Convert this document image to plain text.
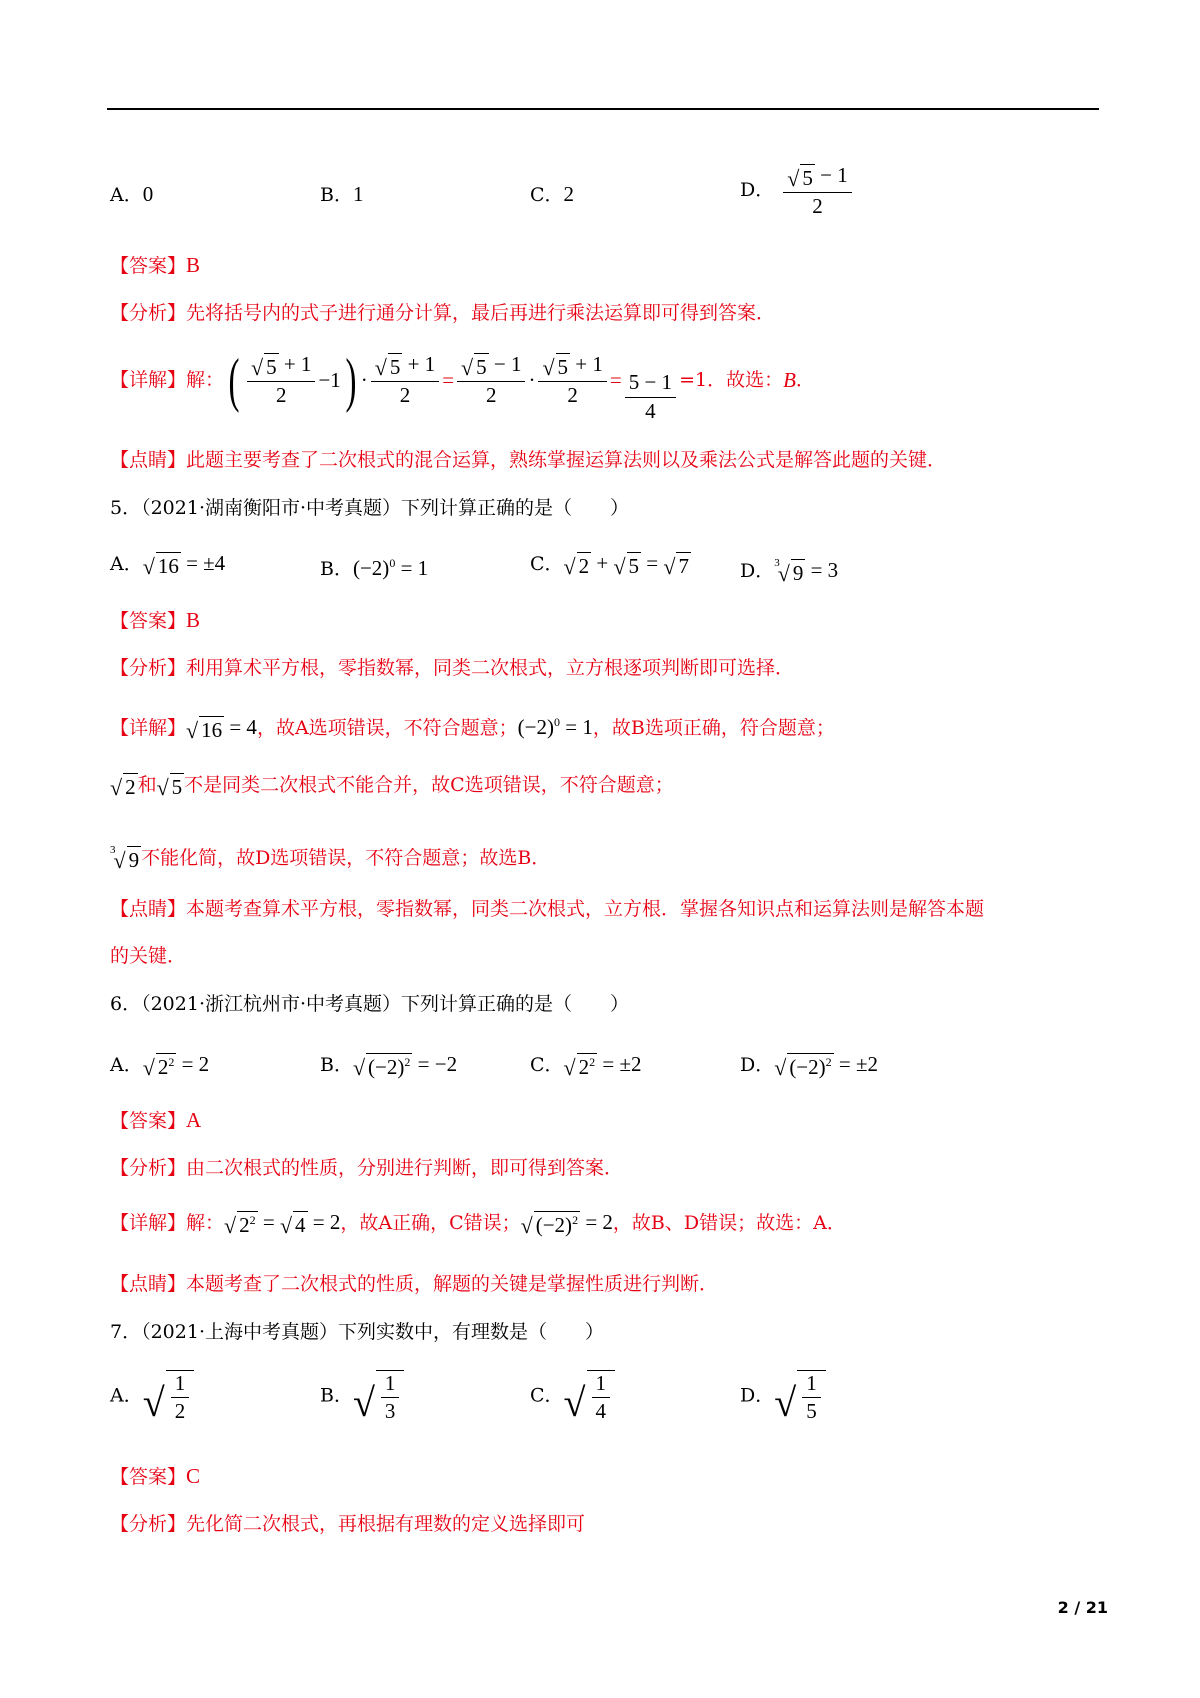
A．0	B．1	C．2	D． $\frac{√ 5 - 1}{2}$
【答案】B
【分析】先将括号内的式子进行通分计算，最后再进行乘法运算即可得到答案．
【详解】 解： ( $\frac{√ 5 + 1}{2} -1$ ) · $\frac{√ 5 + 1}{2} = \frac{√ 5 - 1}{2} \cdot \frac{√ 5 + 1}{2} = \frac{5 - 1}{4} =1$．故选： B ．
【点睛】此题主要考查了二次根式的混合运算，熟练掌握运算法则以及乘法公式是解答此题的关键．
5．（2021·湖南衡阳市·中考真题）下列计算正确的是（　　）
A． √ 16 = ±4	B．$(-2)^0 = 1$	C． √ 2 + √ 5 = √ 7	D．$^3$
√ 9 = 3
【答案】B
【分析】利用算术平方根，零指数幂，同类二次根式，立方根逐项判断即可选择．
【详解】 √ 16 = 4，故A选项错误，不符合题意；$(-2)^0 = 1$，故B选项正确，符合题意；
√ 2 和 √ 5 不是同类二次根式不能合并，故C选项错误，不符合题意；
$^3$
√ 9 不能化简，故D选项错误，不符合题意；故选B．
【点睛】本题考查算术平方根，零指数幂，同类二次根式，立方根．掌握各知识点和运算法则是解答本题
的关键．
6．（2021·浙江杭州市·中考真题）下列计算正确的是（　　）
A． √ $2^2 = 2$	B． √ $(-2)^2 = -2$	C． √ $2^2 = \pm 2$	D． √ $(-2)^2 = \pm 2$
【答案】A
【分析】由二次根式的性质，分别进行判断，即可得到答案．
【详解】解： √ $2^2$ = √ 4 = 2，故A正确，C错误； √ $(-2)^2 = 2$，故B、D错误；故选：A．
【点睛】本题考查了二次根式的性质，解题的关键是掌握性质进行判断．
7．（2021·上海中考真题）下列实数中，有理数是（　　）
A． √ $\frac{1}{2}$	B． √ $\frac{1}{3}$	C． √ $\frac{1}{4}$	D． √ $\frac{1}{5}$
【答案】C
【分析】先化简二次根式，再根据有理数的定义选择即可
2 / 21
